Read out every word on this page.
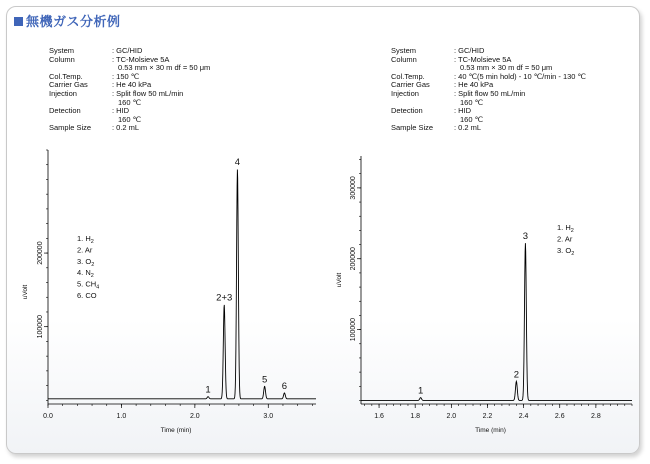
無機ガス分析例
System	: GC/HID
Column	: TC-Molsieve 5A
0.53 mm × 30 m df = 50 μm
Col.Temp.	: 150 ℃
Carrier Gas	: He 40 kPa
Injection	: Split flow 50 mL/min
160 ℃
Detection	: HID
160 ℃
Sample Size	: 0.2 mL
System	: GC/HID
Column	: TC-Molsieve 5A
0.53 mm × 30 m df = 50 μm
Col.Temp.	: 40 ℃(5 min hold) - 10 ℃/min - 130 ℃
Carrier Gas	: He 40 kPa
Injection	: Split flow 50 mL/min
160 ℃
Detection	: HID
160 ℃
Sample Size	: 0.2 mL
0.0	1.0	2.0	3.0
100000
200000
Time (min)
uVolt
1
2+3
4
5
6
1. $H_2$
2. Ar
3. $O_2$
4. $N_2$
5. $CH_4$
6. CO
1.6	1.8	2.0	2.2	2.4	2.6	2.8
100000
200000
300000
Time (min)
uVolt
1
2
3
1. $H_2$
2. Ar
3. $O_2$
